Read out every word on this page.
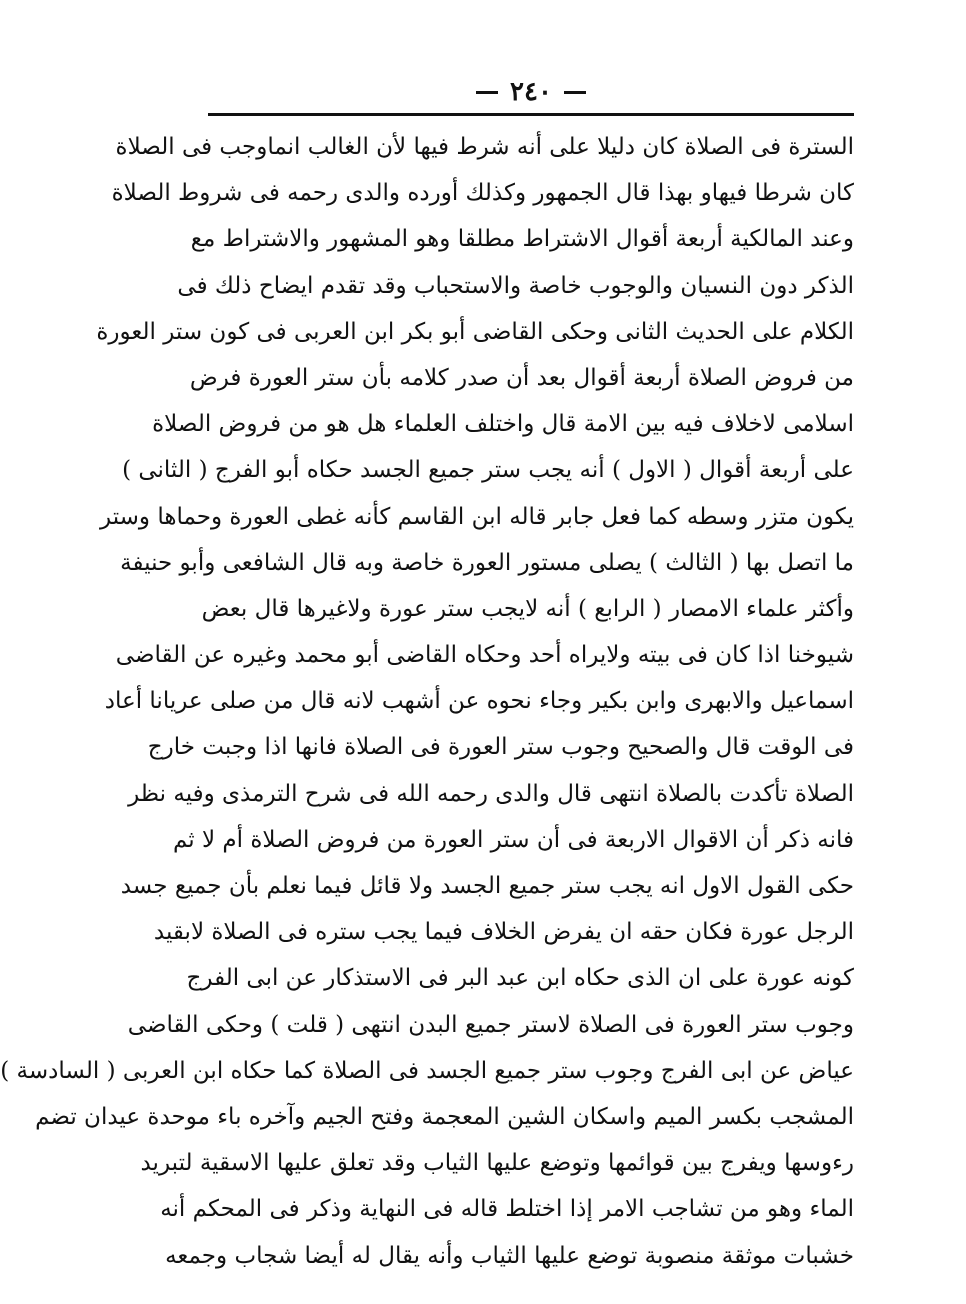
٢٤٠
السترة فى الصلاة كان دليلا على أنه شرط فيها لأن الغالب انماوجب فى الصلاة
كان شرطا فيهاو بهذا قال الجمهور وكذلك أورده والدى رحمه فى شروط الصلاة
وعند المالكية أربعة أقوال الاشتراط مطلقا وهو المشهور والاشتراط مع
الذكر دون النسيان والوجوب خاصة والاستحباب وقد تقدم ايضاح ذلك فى
الكلام على الحديث الثانى وحكى القاضى أبو بكر ابن العربى فى كون ستر العورة
من فروض الصلاة أربعة أقوال بعد أن صدر كلامه بأن ستر العورة فرض
اسلامى لاخلاف فيه بين الامة قال واختلف العلماء هل هو من فروض الصلاة
على أربعة أقوال ( الاول ) أنه يجب ستر جميع الجسد حكاه أبو الفرج ( الثانى )
يكون متزر وسطه كما فعل جابر قاله ابن القاسم كأنه غطى العورة وحماها وستر
ما اتصل بها ( الثالث ) يصلى مستور العورة خاصة وبه قال الشافعى وأبو حنيفة
وأكثر علماء الامصار ( الرابع ) أنه لايجب ستر عورة ولاغيرها قال بعض
شيوخنا اذا كان فى بيته ولايراه أحد وحكاه القاضى أبو محمد وغيره عن القاضى
اسماعيل والابهرى وابن بكير وجاء نحوه عن أشهب لانه قال من صلى عريانا أعاد
فى الوقت قال والصحيح وجوب ستر العورة فى الصلاة فانها اذا وجبت خارج
الصلاة تأكدت بالصلاة انتهى قال والدى رحمه الله فى شرح الترمذى وفيه نظر
فانه ذكر أن الاقوال الاربعة فى أن ستر العورة من فروض الصلاة أم لا ثم
حكى القول الاول انه يجب ستر جميع الجسد ولا قائل فيما نعلم بأن جميع جسد
الرجل عورة فكان حقه ان يفرض الخلاف فيما يجب ستره فى الصلاة لابقيد
كونه عورة على ان الذى حكاه ابن عبد البر فى الاستذكار عن ابى الفرج
وجوب ستر العورة فى الصلاة لاستر جميع البدن انتهى ( قلت ) وحكى القاضى
عياض عن ابى الفرج وجوب ستر جميع الجسد فى الصلاة كما حكاه ابن العربى ( السادسة )
المشجب بكسر الميم واسكان الشين المعجمة وفتح الجيم وآخره باء موحدة عيدان تضم
رءوسها ويفرج بين قوائمها وتوضع عليها الثياب وقد تعلق عليها الاسقية لتبريد
الماء وهو من تشاجب الامر إذا اختلط قاله فى النهاية وذكر فى المحكم أنه
خشبات موثقة منصوبة توضع عليها الثياب وأنه يقال له أيضا شجاب وجمعه
